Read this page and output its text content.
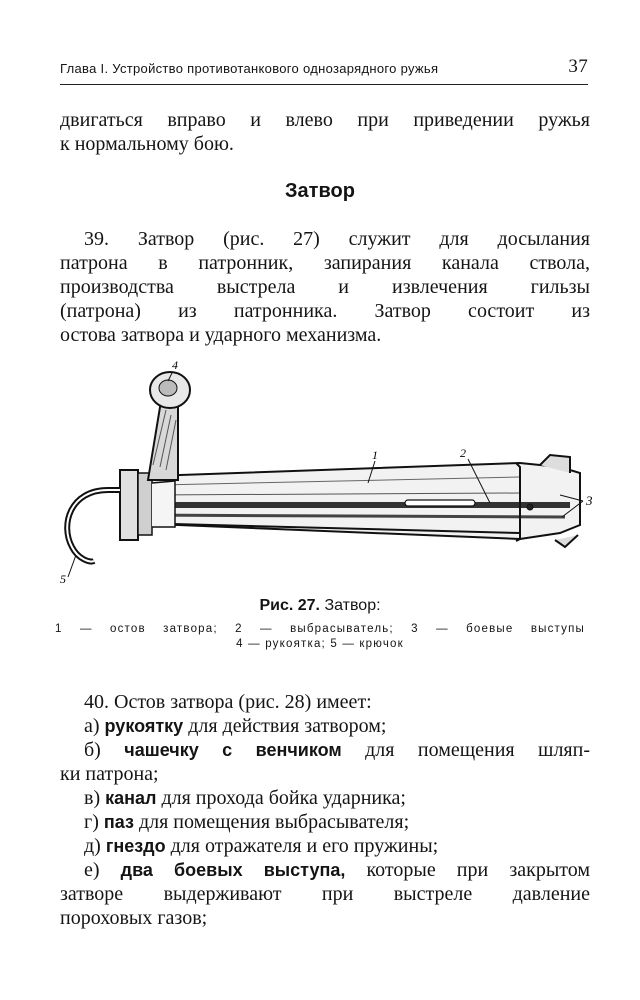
Глава I. Устройство противотанкового однозарядного ружья	37
двигаться вправо и влево при приведении ружья
к нормальному бою.
Затвор
39. Затвор (рис. 27) служит для досылания
патрона в патронник, запирания канала ствола,
производства выстрела и извлечения гильзы
(патрона) из патронника. Затвор состоит из
остова затвора и ударного механизма.
4
1	2
3
5
Рис. 27. Затвор:
1 — остов затвора; 2 — выбрасыватель; 3 — боевые выступы
4 — рукоятка; 5 — крючок
40. Остов затвора (рис. 28) имеет:
а) рукоятку для действия затвором;
б) чашечку с венчиком для помещения шляп-
ки патрона;
в) канал для прохода бойка ударника;
г) паз для помещения выбрасывателя;
д) гнездо для отражателя и его пружины;
е) два боевых выступа, которые при закрытом
затворе выдерживают при выстреле давление
пороховых газов;
